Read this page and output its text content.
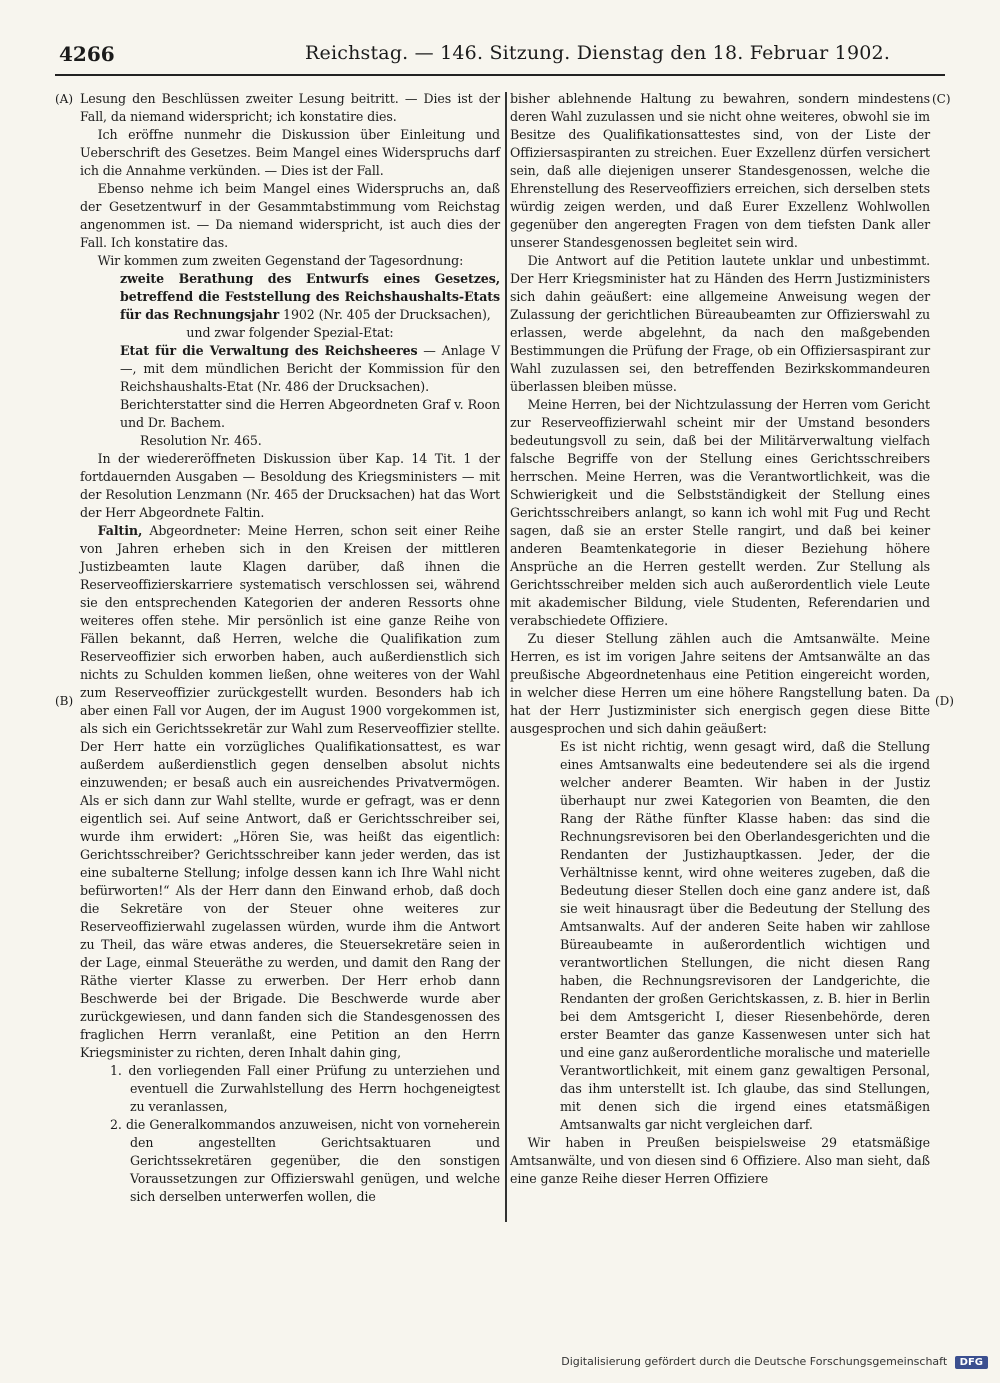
4266	Reichstag. — 146. Sitzung. Dienstag den 18. Februar 1902.
(A)
(B)
(C)
(D)

Lesung den Beschlüssen zweiter Lesung beitritt. — Dies ist der Fall, da niemand widerspricht; ich konstatire dies.

Ich eröffne nunmehr die Diskussion über Einleitung und Ueberschrift des Gesetzes. Beim Mangel eines Widerspruchs darf ich die Annahme verkünden. — Dies ist der Fall.

Ebenso nehme ich beim Mangel eines Widerspruchs an, daß der Gesetzentwurf in der Gesammtabstimmung vom Reichstag angenommen ist. — Da niemand widerspricht, ist auch dies der Fall. Ich konstatire das.

Wir kommen zum zweiten Gegenstand der Tagesordnung:

zweite Berathung des Entwurfs eines Gesetzes, betreffend die Feststellung des Reichshaushalts-Etats für das Rechnungsjahr 1902 (Nr. 405 der Drucksachen),

und zwar folgender Spezial-Etat:

Etat für die Verwaltung des Reichsheeres — Anlage V —, mit dem mündlichen Bericht der Kommission für den Reichshaushalts-Etat (Nr. 486 der Drucksachen).

Berichterstatter sind die Herren Abgeordneten Graf v. Roon und Dr. Bachem.

Resolution Nr. 465.

In der wiedereröffneten Diskussion über Kap. 14 Tit. 1 der fortdauernden Ausgaben — Besoldung des Kriegsministers — mit der Resolution Lenzmann (Nr. 465 der Drucksachen) hat das Wort der Herr Abgeordnete Faltin.

Faltin, Abgeordneter: Meine Herren, schon seit einer Reihe von Jahren erheben sich in den Kreisen der mittleren Justizbeamten laute Klagen darüber, daß ihnen die Reserveoffizierskarriere systematisch verschlossen sei, während sie den entsprechenden Kategorien der anderen Ressorts ohne weiteres offen stehe. Mir persönlich ist eine ganze Reihe von Fällen bekannt, daß Herren, welche die Qualifikation zum Reserveoffizier sich erworben haben, auch außerdienstlich sich nichts zu Schulden kommen ließen, ohne weiteres von der Wahl zum Reserveoffizier zurückgestellt wurden. Besonders hab ich aber einen Fall vor Augen, der im August 1900 vorgekommen ist, als sich ein Gerichtssekretär zur Wahl zum Reserveoffizier stellte. Der Herr hatte ein vorzügliches Qualifikationsattest, es war außerdem außerdienstlich gegen denselben absolut nichts einzuwenden; er besaß auch ein ausreichendes Privatvermögen. Als er sich dann zur Wahl stellte, wurde er gefragt, was er denn eigentlich sei. Auf seine Antwort, daß er Gerichtsschreiber sei, wurde ihm erwidert: „Hören Sie, was heißt das eigentlich: Gerichtsschreiber? Gerichtsschreiber kann jeder werden, das ist eine subalterne Stellung; infolge dessen kann ich Ihre Wahl nicht befürworten!“ Als der Herr dann den Einwand erhob, daß doch die Sekretäre von der Steuer ohne weiteres zur Reserveoffizierwahl zugelassen würden, wurde ihm die Antwort zu Theil, das wäre etwas anderes, die Steuersekretäre seien in der Lage, einmal Steueräthe zu werden, und damit den Rang der Räthe vierter Klasse zu erwerben. Der Herr erhob dann Beschwerde bei der Brigade. Die Beschwerde wurde aber zurückgewiesen, und dann fanden sich die Standesgenossen des fraglichen Herrn veranlaßt, eine Petition an den Herrn Kriegsminister zu richten, deren Inhalt dahin ging,

1. den vorliegenden Fall einer Prüfung zu unterziehen und eventuell die Zurwahlstellung des Herrn hochgeneigtest zu veranlassen,

2. die Generalkommandos anzuweisen, nicht von vorneherein den angestellten Gerichtsaktuaren und Gerichtssekretären gegenüber, die den sonstigen Voraussetzungen zur Offizierswahl genügen, und welche sich derselben unterwerfen wollen, die

bisher ablehnende Haltung zu bewahren, sondern mindestens deren Wahl zuzulassen und sie nicht ohne weiteres, obwohl sie im Besitze des Qualifikationsattestes sind, von der Liste der Offiziersaspiranten zu streichen. Euer Exzellenz dürfen versichert sein, daß alle diejenigen unserer Standesgenossen, welche die Ehrenstellung des Reserveoffiziers erreichen, sich derselben stets würdig zeigen werden, und daß Eurer Exzellenz Wohlwollen gegenüber den angeregten Fragen von dem tiefsten Dank aller unserer Standesgenossen begleitet sein wird.

Die Antwort auf die Petition lautete unklar und unbestimmt. Der Herr Kriegsminister hat zu Händen des Herrn Justizministers sich dahin geäußert: eine allgemeine Anweisung wegen der Zulassung der gerichtlichen Büreaubeamten zur Offizierswahl zu erlassen, werde abgelehnt, da nach den maßgebenden Bestimmungen die Prüfung der Frage, ob ein Offiziersaspirant zur Wahl zuzulassen sei, den betreffenden Bezirkskommandeuren überlassen bleiben müsse.

Meine Herren, bei der Nichtzulassung der Herren vom Gericht zur Reserveoffizierwahl scheint mir der Umstand besonders bedeutungsvoll zu sein, daß bei der Militärverwaltung vielfach falsche Begriffe von der Stellung eines Gerichtsschreibers herrschen. Meine Herren, was die Verantwortlichkeit, was die Schwierigkeit und die Selbstständigkeit der Stellung eines Gerichtsschreibers anlangt, so kann ich wohl mit Fug und Recht sagen, daß sie an erster Stelle rangirt, und daß bei keiner anderen Beamtenkategorie in dieser Beziehung höhere Ansprüche an die Herren gestellt werden. Zur Stellung als Gerichtsschreiber melden sich auch außerordentlich viele Leute mit akademischer Bildung, viele Studenten, Referendarien und verabschiedete Offiziere.

Zu dieser Stellung zählen auch die Amtsanwälte. Meine Herren, es ist im vorigen Jahre seitens der Amtsanwälte an das preußische Abgeordnetenhaus eine Petition eingereicht worden, in welcher diese Herren um eine höhere Rangstellung baten. Da hat der Herr Justizminister sich energisch gegen diese Bitte ausgesprochen und sich dahin geäußert:

Es ist nicht richtig, wenn gesagt wird, daß die Stellung eines Amtsanwalts eine bedeutendere sei als die irgend welcher anderer Beamten. Wir haben in der Justiz überhaupt nur zwei Kategorien von Beamten, die den Rang der Räthe fünfter Klasse haben: das sind die Rechnungsrevisoren bei den Oberlandesgerichten und die Rendanten der Justizhauptkassen. Jeder, der die Verhältnisse kennt, wird ohne weiteres zugeben, daß die Bedeutung dieser Stellen doch eine ganz andere ist, daß sie weit hinausragt über die Bedeutung der Stellung des Amtsanwalts. Auf der anderen Seite haben wir zahllose Büreaubeamte in außerordentlich wichtigen und verantwortlichen Stellungen, die nicht diesen Rang haben, die Rechnungsrevisoren der Landgerichte, die Rendanten der großen Gerichtskassen, z. B. hier in Berlin bei dem Amtsgericht I, dieser Riesenbehörde, deren erster Beamter das ganze Kassenwesen unter sich hat und eine ganz außerordentliche moralische und materielle Verantwortlichkeit, mit einem ganz gewaltigen Personal, das ihm unterstellt ist. Ich glaube, das sind Stellungen, mit denen sich die irgend eines etatsmäßigen Amtsanwalts gar nicht vergleichen darf.

Wir haben in Preußen beispielsweise 29 etatsmäßige Amtsanwälte, und von diesen sind 6 Offiziere. Also man sieht, daß eine ganze Reihe dieser Herren Offiziere

Digitalisierung gefördert durch die Deutsche Forschungsgemeinschaft DFG
